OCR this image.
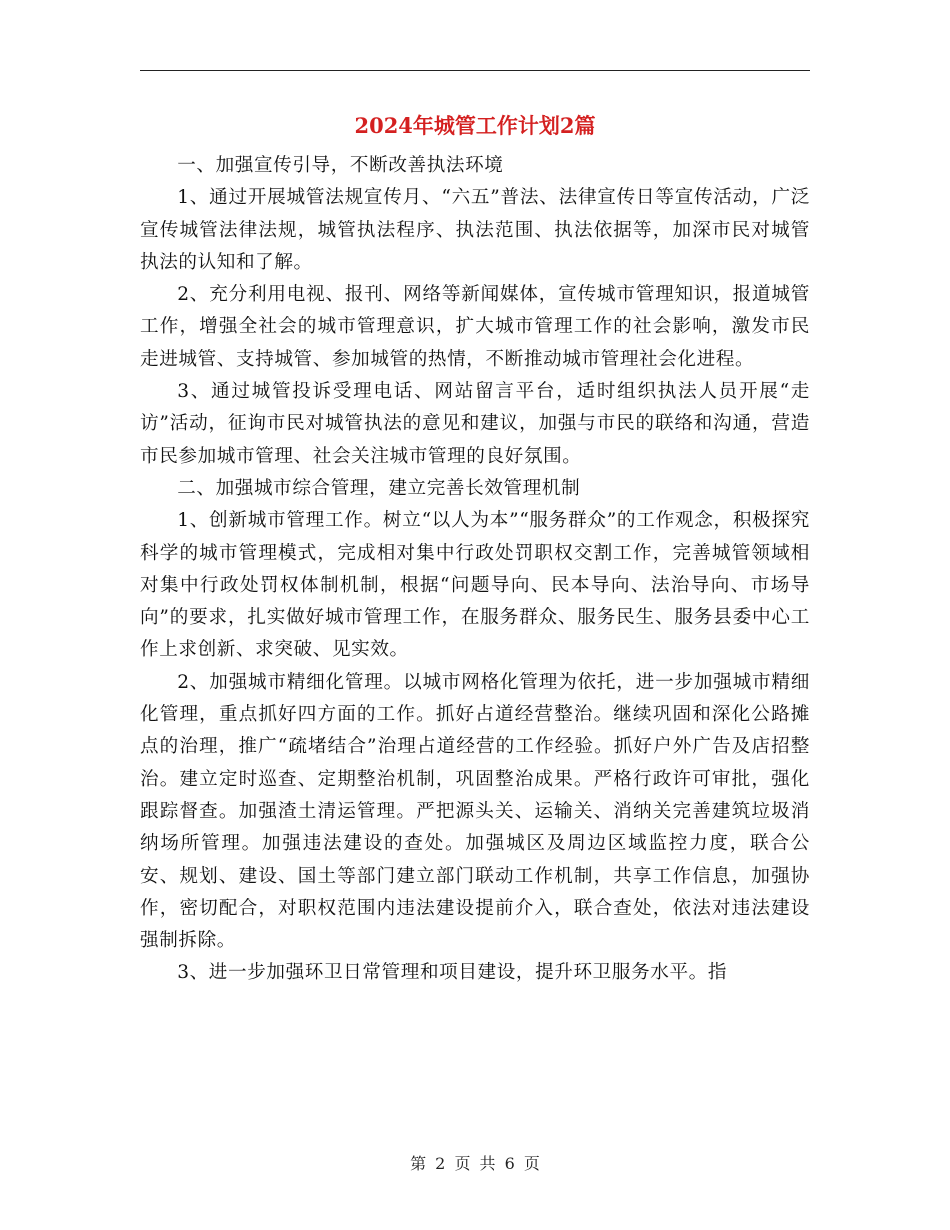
2024年城管工作计划2篇

一、加强宣传引导，不断改善执法环境

1、通过开展城管法规宣传月、“六五”普法、法律宣传日等宣传活动，广泛宣传城管法律法规，城管执法程序、执法范围、执法依据等，加深市民对城管执法的认知和了解。

2、充分利用电视、报刊、网络等新闻媒体，宣传城市管理知识，报道城管工作，增强全社会的城市管理意识，扩大城市管理工作的社会影响，激发市民走进城管、支持城管、参加城管的热情，不断推动城市管理社会化进程。

3、通过城管投诉受理电话、网站留言平台，适时组织执法人员开展“走访”活动，征询市民对城管执法的意见和建议，加强与市民的联络和沟通，营造市民参加城市管理、社会关注城市管理的良好氛围。

二、加强城市综合管理，建立完善长效管理机制

1、创新城市管理工作。树立“以人为本”“服务群众”的工作观念，积极探究科学的城市管理模式，完成相对集中行政处罚职权交割工作，完善城管领域相对集中行政处罚权体制机制，根据“问题导向、民本导向、法治导向、市场导向”的要求，扎实做好城市管理工作，在服务群众、服务民生、服务县委中心工作上求创新、求突破、见实效。

2、加强城市精细化管理。以城市网格化管理为依托，进一步加强城市精细化管理，重点抓好四方面的工作。抓好占道经营整治。继续巩固和深化公路摊点的治理，推广“疏堵结合”治理占道经营的工作经验。抓好户外广告及店招整治。建立定时巡查、定期整治机制，巩固整治成果。严格行政许可审批，强化跟踪督查。加强渣土清运管理。严把源头关、运输关、消纳关完善建筑垃圾消纳场所管理。加强违法建设的查处。加强城区及周边区域监控力度，联合公安、规划、建设、国土等部门建立部门联动工作机制，共享工作信息，加强协作，密切配合，对职权范围内违法建设提前介入，联合查处，依法对违法建设强制拆除。

3、进一步加强环卫日常管理和项目建设，提升环卫服务水平。指

第 2 页 共 6 页
